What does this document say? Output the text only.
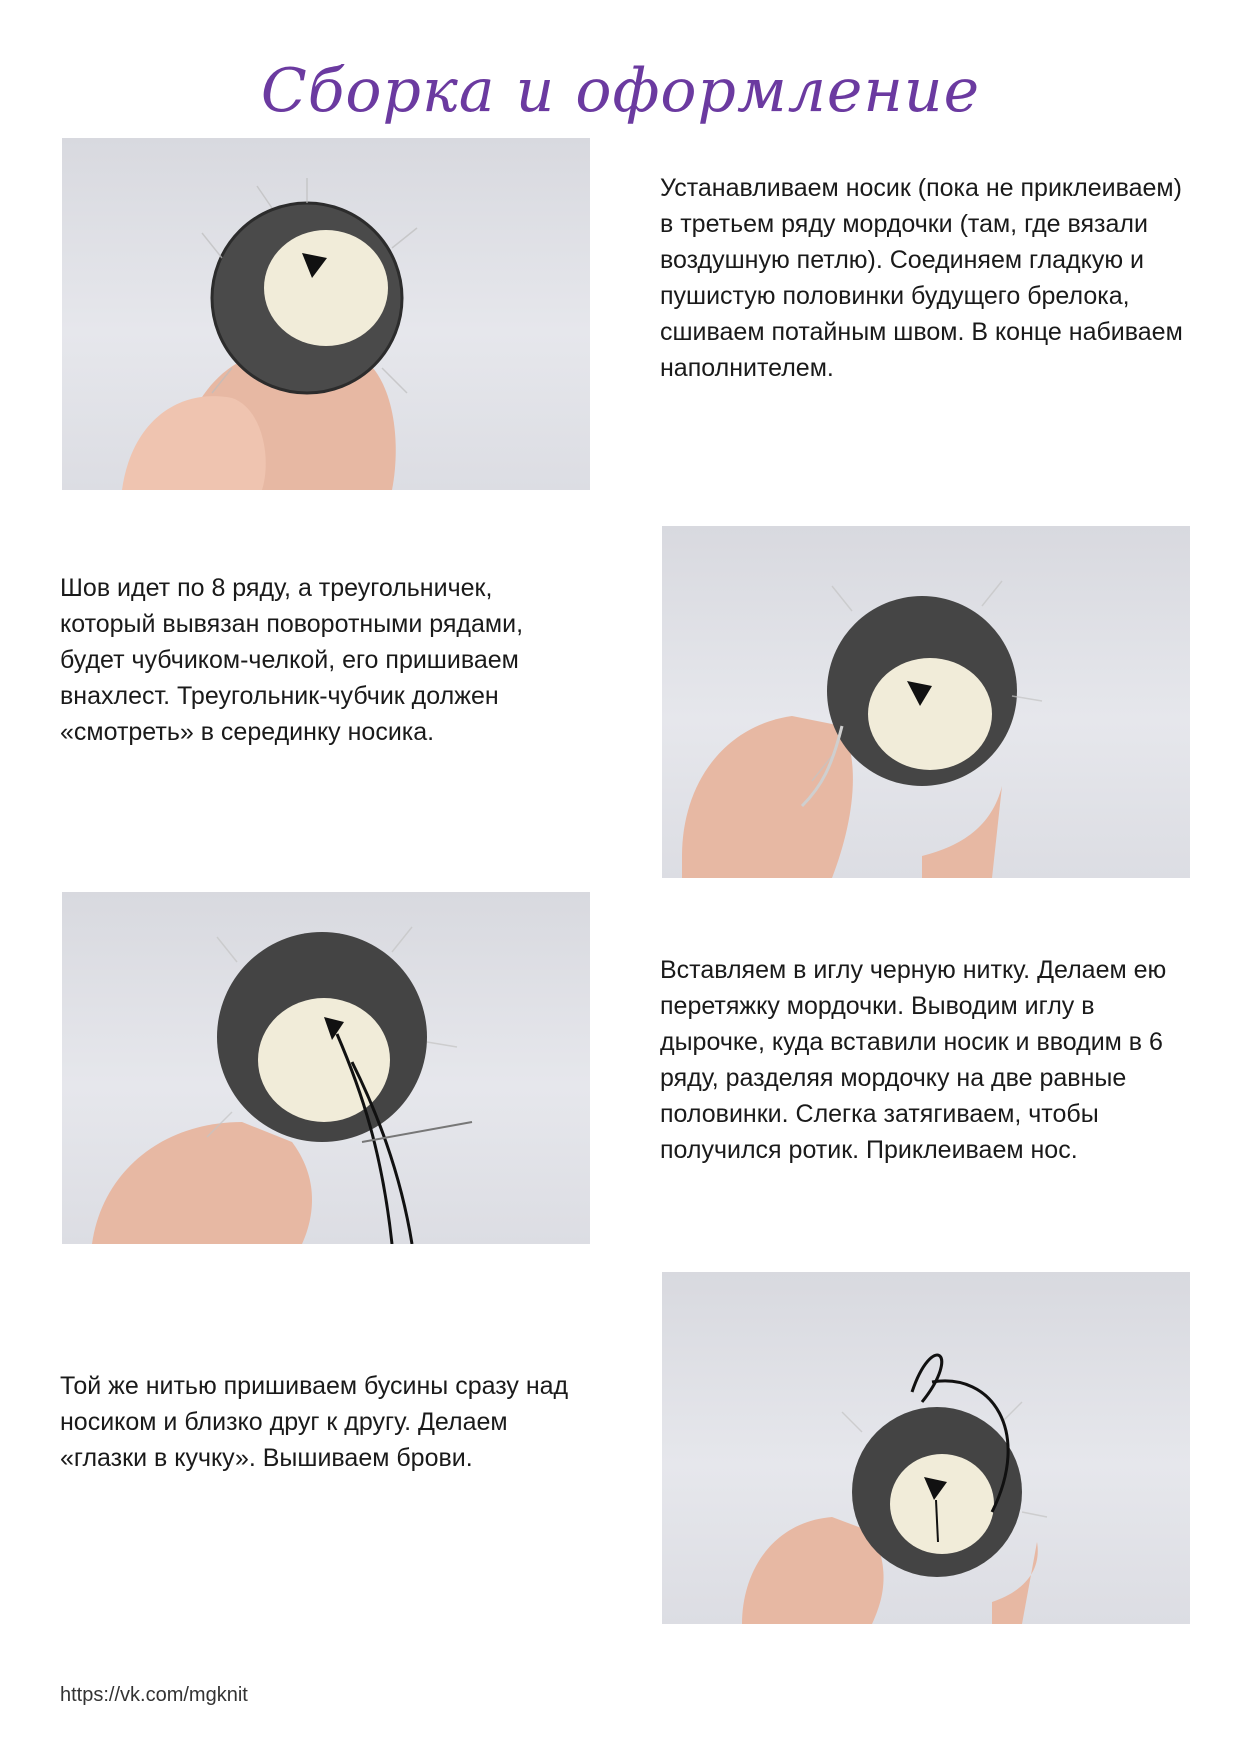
Сборка и оформление
Устанавливаем носик (пока не приклеиваем) в третьем ряду мордочки (там, где вязали воздушную петлю). Соединяем гладкую и пушистую половинки будущего брелока, сшиваем потайным швом. В конце набиваем наполнителем.
Шов идет по 8 ряду, а треугольничек, который вывязан поворотными рядами, будет чубчиком-челкой, его пришиваем внахлест. Треугольник-чубчик должен «смотреть» в серединку носика.
Вставляем в иглу черную нитку. Делаем ею перетяжку мордочки. Выводим иглу в дырочке, куда вставили носик и вводим в 6 ряду, разделяя мордочку на две равные половинки. Слегка затягиваем, чтобы получился ротик. Приклеиваем нос.
Той же нитью пришиваем бусины сразу над носиком и близко друг к другу. Делаем «глазки в кучку». Вышиваем брови.
https://vk.com/mgknit
